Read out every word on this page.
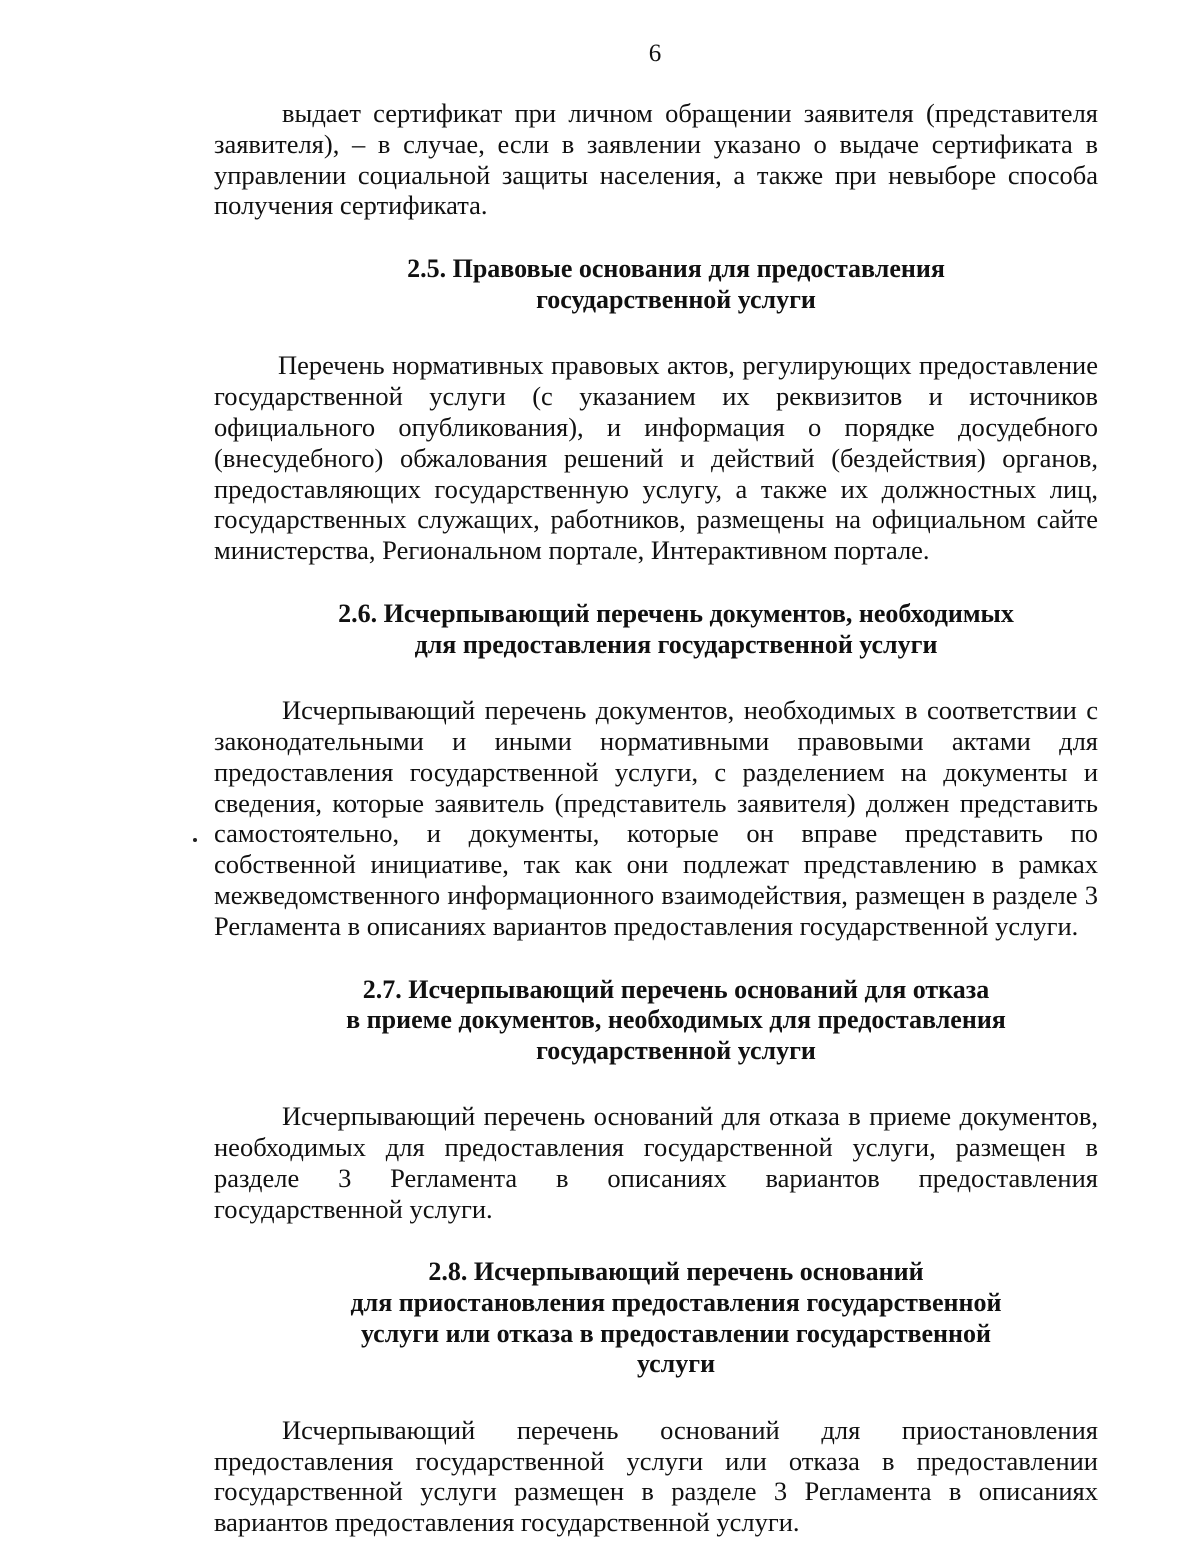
6

выдает сертификат при личном обращении заявителя (представителя заявителя), – в случае, если в заявлении указано о выдаче сертификата в управлении социальной защиты населения, а также при невыборе способа получения сертификата.

2.5. Правовые основания для предоставления
государственной услуги

Перечень нормативных правовых актов, регулирующих предоставление государственной услуги (с указанием их реквизитов и источников официального опубликования), и информация о порядке досудебного (внесудебного) обжалования решений и действий (бездействия) органов, предоставляющих государственную услугу, а также их должностных лиц, государственных служащих, работников, размещены на официальном сайте министерства, Региональном портале, Интерактивном портале.

2.6. Исчерпывающий перечень документов, необходимых
для предоставления государственной услуги

Исчерпывающий перечень документов, необходимых в соответствии с законодательными и иными нормативными правовыми актами для предоставления государственной услуги, с разделением на документы и сведения, которые заявитель (представитель заявителя) должен представить самостоятельно, и документы, которые он вправе представить по собственной инициативе, так как они подлежат представлению в рамках межведомственного информационного взаимодействия, размещен в разделе 3 Регламента в описаниях вариантов предоставления государственной услуги.

2.7. Исчерпывающий перечень оснований для отказа
в приеме документов, необходимых для предоставления
государственной услуги

Исчерпывающий перечень оснований для отказа в приеме документов, необходимых для предоставления государственной услуги, размещен в разделе 3 Регламента в описаниях вариантов предоставления государственной услуги.

2.8. Исчерпывающий перечень оснований
для приостановления предоставления государственной
услуги или отказа в предоставлении государственной
услуги

Исчерпывающий перечень оснований для приостановления предоставления государственной услуги или отказа в предоставлении государственной услуги размещен в разделе 3 Регламента в описаниях вариантов предоставления государственной услуги.
